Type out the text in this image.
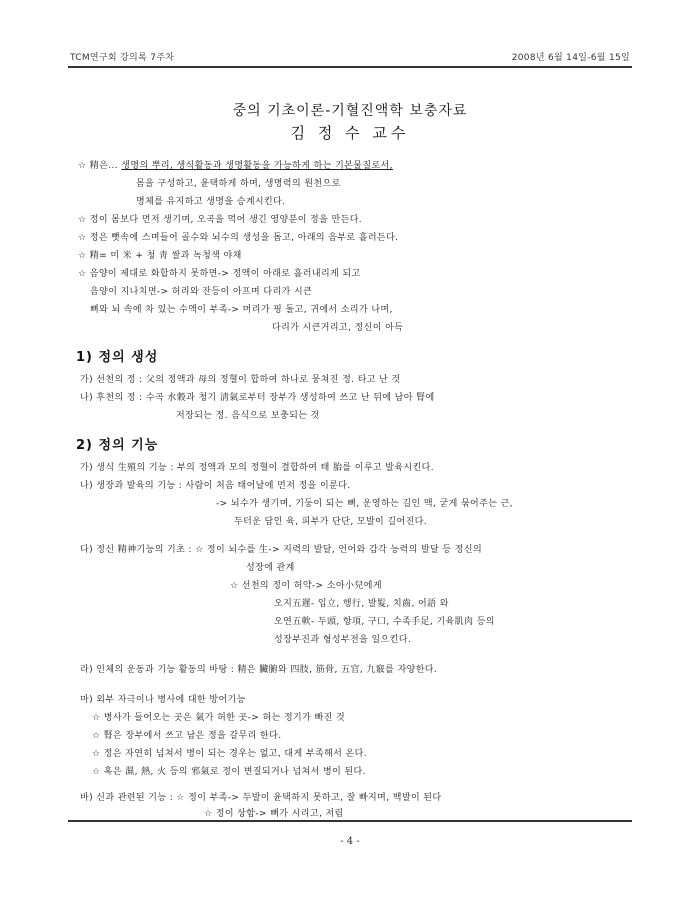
TCM연구회 강의록 7주차	2008년 6월 14일-6월 15일
중의 기초이론-기혈진액학 보충자료
김 정 수 교수
☆ 精은... 생명의 뿌리, 생식활동과 생명활동을 가능하게 하는 기본물질로서,
몸을 구성하고, 윤택하게 하며, 생명력의 원천으로
명체를 유지하고 생명을 승계시킨다.
☆ 정이 몸보다 먼저 생기며, 오곡을 먹어 생긴 영양분이 정을 만든다.
☆ 정은 뼛속에 스며들어 골수와 뇌수의 생성을 돕고, 아래의 음부로 흘러든다.
☆ 精= 미 米 + 청 靑 쌀과 녹청색 야채
☆ 음양이 제대로 화합하지 못하면-> 정액이 아래로 흘러내리게 되고
음양이 지나치면-> 허리와 잔등이 아프며 다리가 시큰
뼈와 뇌 속에 차 있는 수액이 부족-> 머리가 핑 돌고, 귀에서 소리가 나며,
다리가 시큰거리고, 정신이 아득
1) 정의 생성
가) 선천의 정 : 父의 정액과 母의 정혈이 합하여 하나로 뭉쳐진 정. 타고 난 것
나) 후천의 정 : 수곡 水穀과 청기 淸氣로부터 장부가 생성하여 쓰고 난 뒤에 남아 腎에
저장되는 정. 음식으로 보충되는 것
2) 정의 기능
가) 생식 生殖의 기능 : 부의 정액과 모의 정혈이 결합하여 태 胎를 이루고 발육시킨다.
나) 생장과 발육의 기능 : 사람이 처음 태어날에 먼저 정을 이룬다.
-> 뇌수가 생기며, 기둥이 되는 뼈, 운영하는 길인 맥, 굳게 묶어주는 근,
두터운 담인 육, 피부가 단단, 모발이 길어진다.
다) 정신 精神기능의 기초 : ☆ 정이 뇌수를 生-> 지력의 발달, 언어와 감각 능력의 발달 등 정신의
성장에 관계
☆ 선천의 정이 허약-> 소아小兒에게
오지五遲- 입立, 행行, 발髮, 치齒, 어語 와
오연五軟- 두頭, 항項, 구口, 수족手足, 기육肌肉 등의
성장부진과 형성부전을 일으킨다.
라) 인체의 운동과 기능 활동의 바탕 : 精은 臟腑와 四肢, 筋骨, 五官, 九竅를 자양한다.
마) 외부 자극이나 병사에 대한 방어기능
☆ 병사가 들어오는 곳은 氣가 허한 곳-> 허는 정기가 빠진 것
☆ 腎은 장부에서 쓰고 남은 정을 갈무리 한다.
☆ 정은 자연히 넘쳐서 병이 되는 경우는 없고, 대게 부족해서 온다.
☆ 혹은 濕, 熱, 火 등의 邪氣로 정이 변질되거나 넘쳐서 병이 된다.
바) 신과 관련된 기능 : ☆ 정이 부족-> 두발이 윤택하지 못하고, 잘 빠지며, 백발이 된다
☆ 정이 상함-> 뼈가 시리고, 저림
- 4 -
